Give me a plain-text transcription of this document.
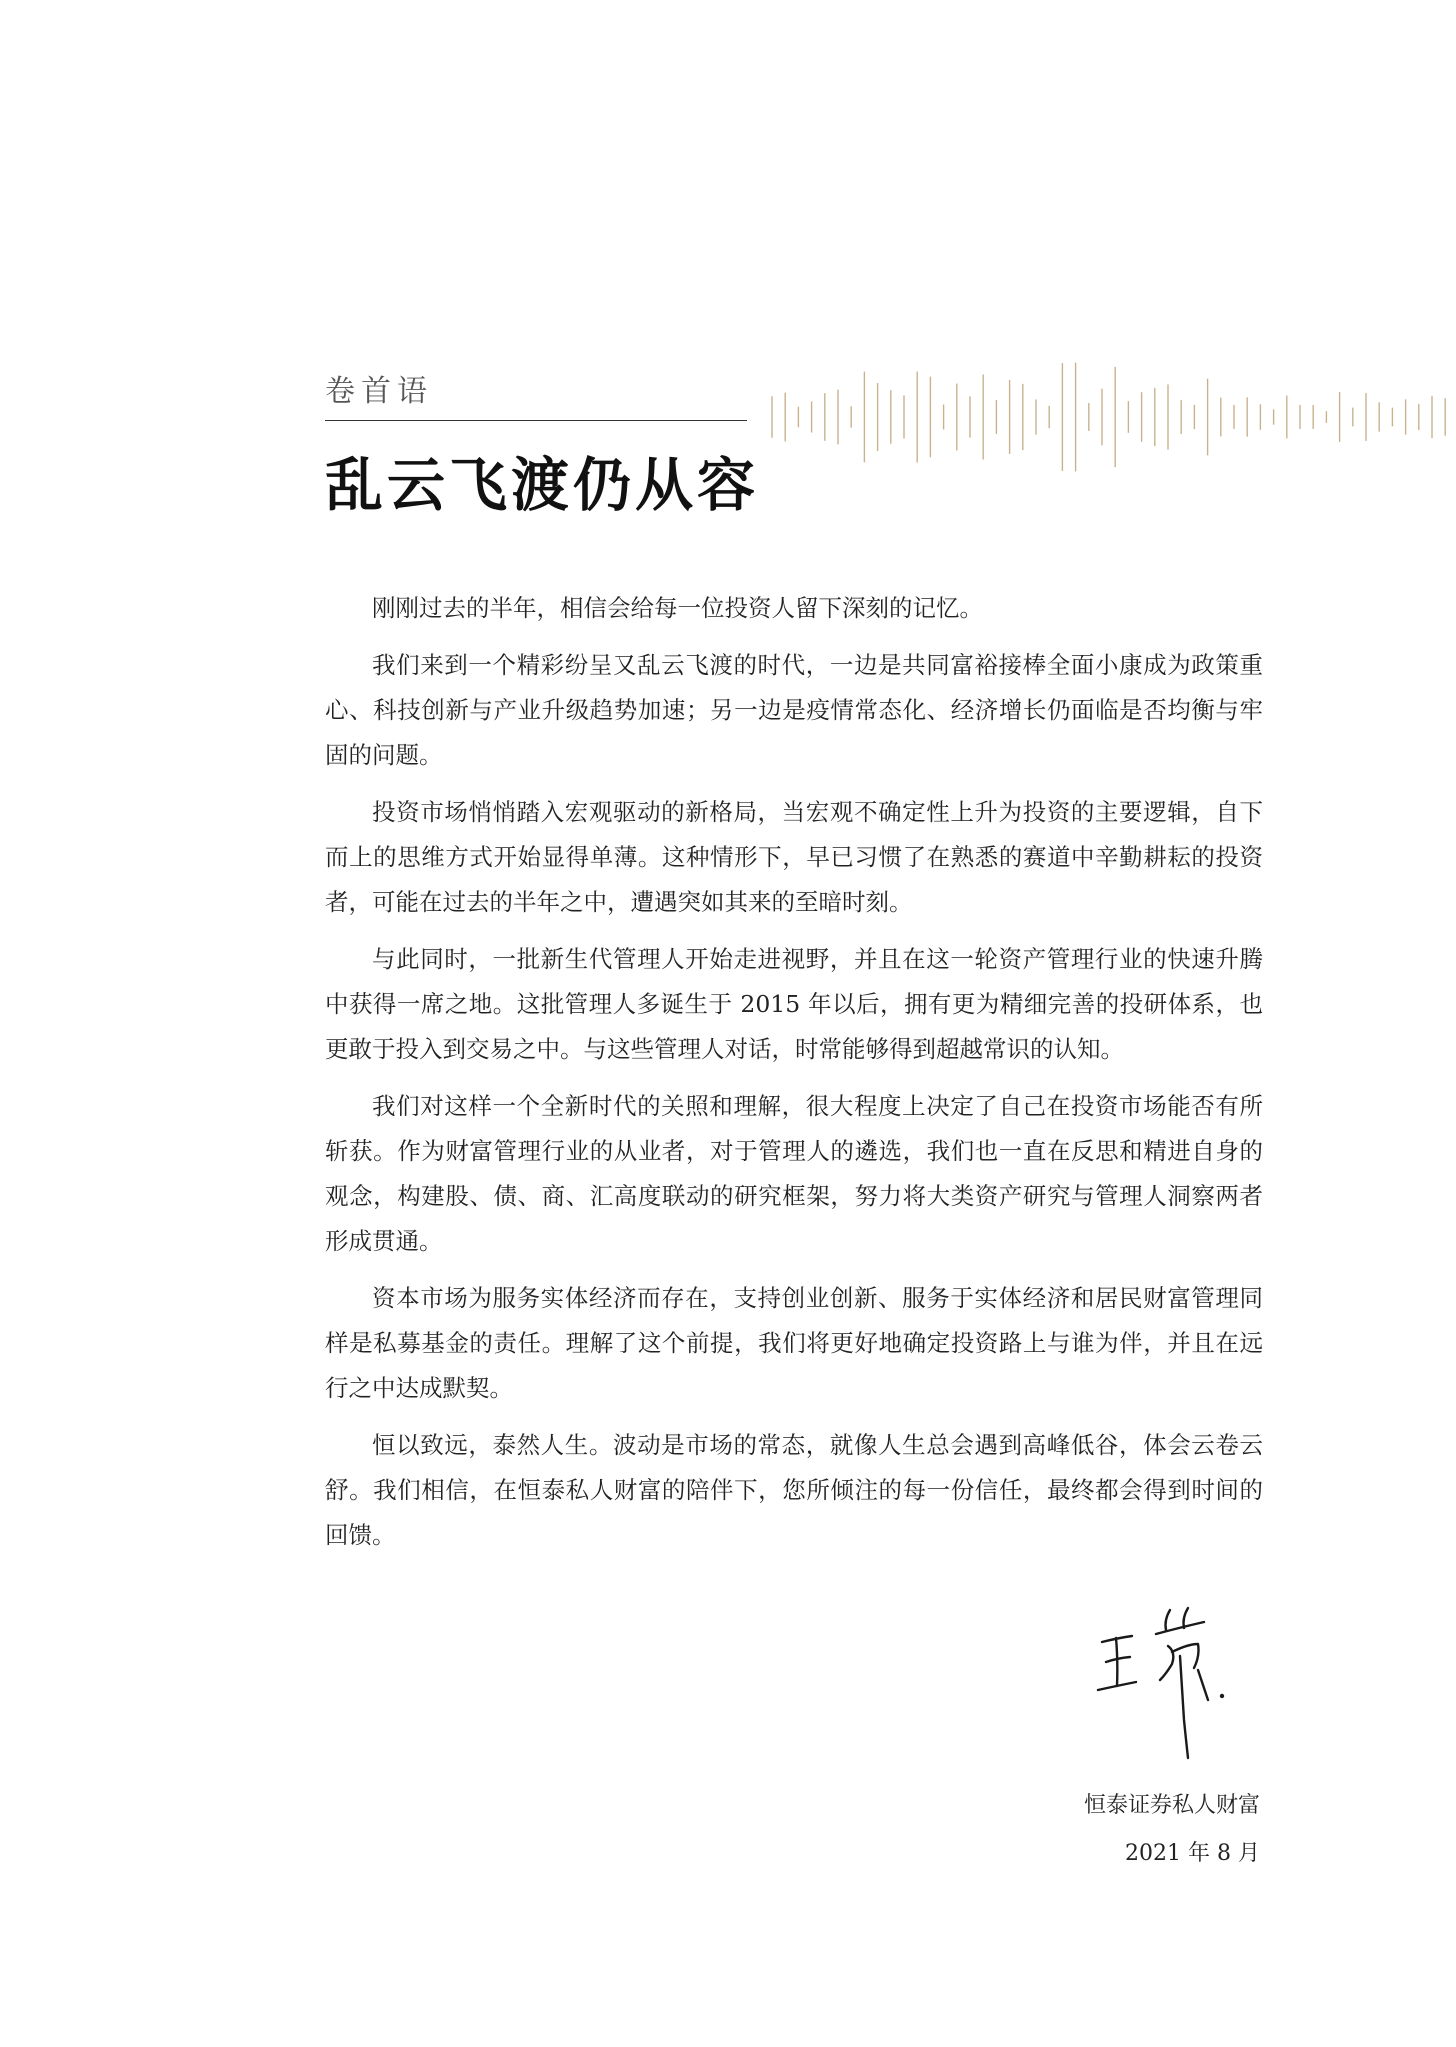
卷首语
乱云飞渡仍从容

刚刚过去的半年，相信会给每一位投资人留下深刻的记忆。

我们来到一个精彩纷呈又乱云飞渡的时代，一边是共同富裕接棒全面小康成为政策重心、科技创新与产业升级趋势加速；另一边是疫情常态化、经济增长仍面临是否均衡与牢固的问题。

投资市场悄悄踏入宏观驱动的新格局，当宏观不确定性上升为投资的主要逻辑，自下而上的思维方式开始显得单薄。这种情形下，早已习惯了在熟悉的赛道中辛勤耕耘的投资者，可能在过去的半年之中，遭遇突如其来的至暗时刻。

与此同时，一批新生代管理人开始走进视野，并且在这一轮资产管理行业的快速升腾中获得一席之地。这批管理人多诞生于 2015 年以后，拥有更为精细完善的投研体系，也更敢于投入到交易之中。与这些管理人对话，时常能够得到超越常识的认知。

我们对这样一个全新时代的关照和理解，很大程度上决定了自己在投资市场能否有所斩获。作为财富管理行业的从业者，对于管理人的遴选，我们也一直在反思和精进自身的观念，构建股、债、商、汇高度联动的研究框架，努力将大类资产研究与管理人洞察两者形成贯通。

资本市场为服务实体经济而存在，支持创业创新、服务于实体经济和居民财富管理同样是私募基金的责任。理解了这个前提，我们将更好地确定投资路上与谁为伴，并且在远行之中达成默契。

恒以致远，泰然人生。波动是市场的常态，就像人生总会遇到高峰低谷，体会云卷云舒。我们相信，在恒泰私人财富的陪伴下，您所倾注的每一份信任，最终都会得到时间的回馈。

恒泰证券私人财富
2021 年 8 月
